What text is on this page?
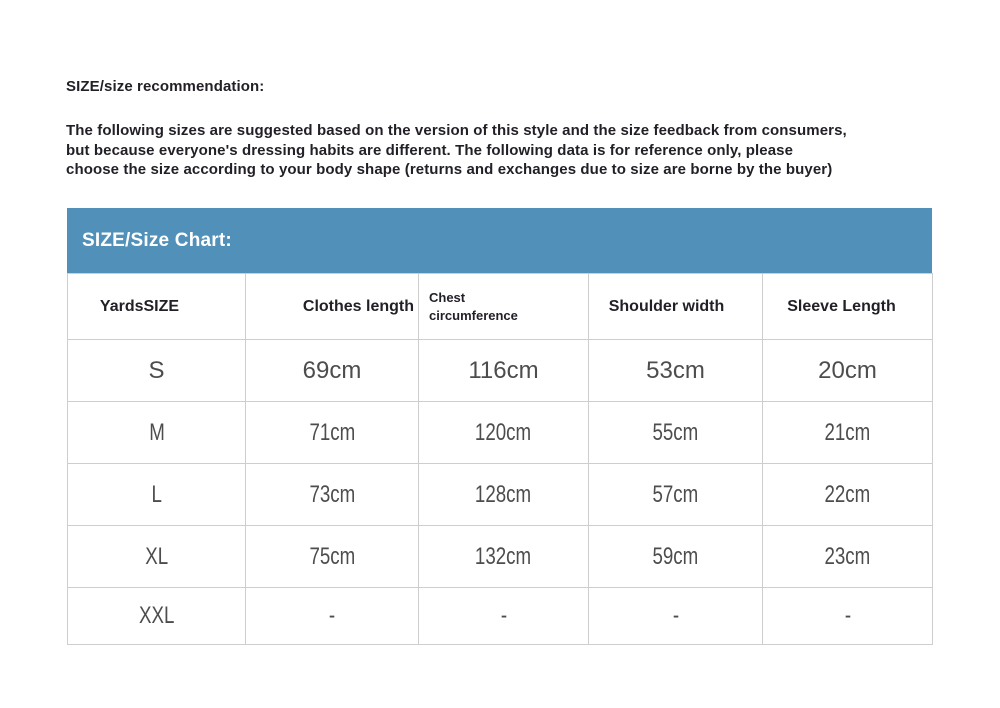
SIZE/size recommendation:
The following sizes are suggested based on the version of this style and the size feedback from consumers,
but because everyone's dressing habits are different. The following data is for reference only, please
choose the size according to your body shape (returns and exchanges due to size are borne by the buyer)
SIZE/Size Chart:
YardsSIZE	Clothes length	Chest circumference	Shoulder width	Sleeve Length
S	69cm	116cm	53cm	20cm
M	71cm	120cm	55cm	21cm
L	73cm	128cm	57cm	22cm
XL	75cm	132cm	59cm	23cm
XXL	-	-	-	-
